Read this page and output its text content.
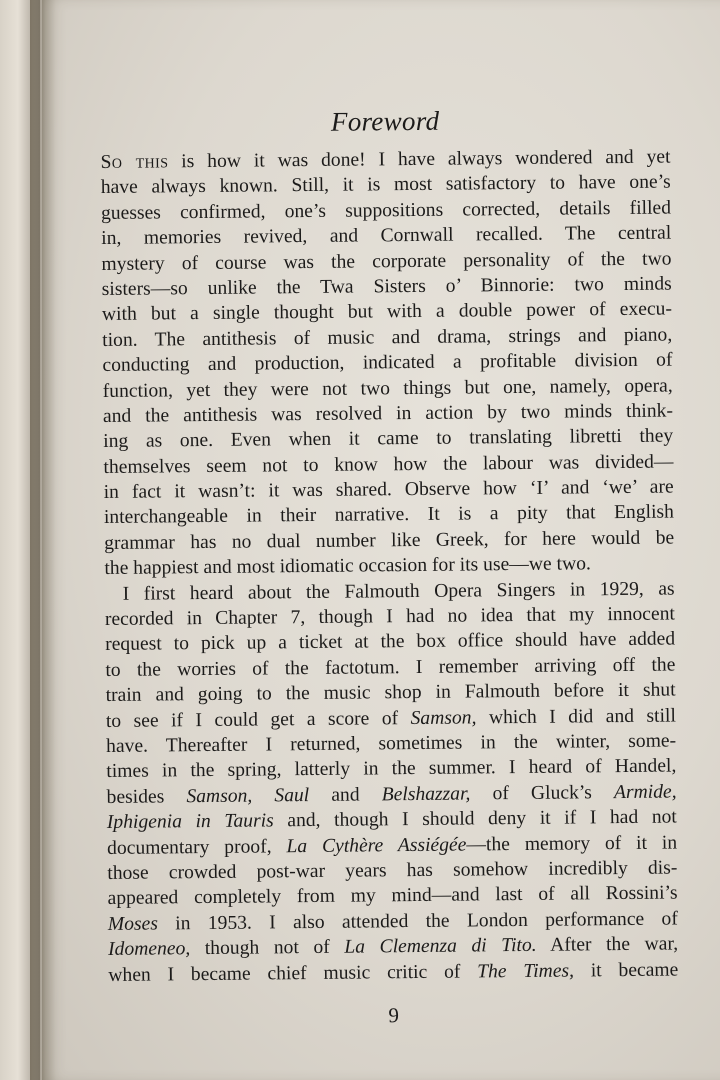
Foreword
So this is how it was done! I have always wondered and yet
have always known. Still, it is most satisfactory to have one’s
guesses confirmed, one’s suppositions corrected, details filled
in, memories revived, and Cornwall recalled. The central
mystery of course was the corporate personality of the two
sisters—so unlike the Twa Sisters o’ Binnorie: two minds
with but a single thought but with a double power of execu-
tion. The antithesis of music and drama, strings and piano,
conducting and production, indicated a profitable division of
function, yet they were not two things but one, namely, opera,
and the antithesis was resolved in action by two minds think-
ing as one. Even when it came to translating libretti they
themselves seem not to know how the labour was divided—
in fact it wasn’t: it was shared. Observe how ‘I’ and ‘we’ are
interchangeable in their narrative. It is a pity that English
grammar has no dual number like Greek, for here would be
the happiest and most idiomatic occasion for its use—we two.
I first heard about the Falmouth Opera Singers in 1929, as
recorded in Chapter 7, though I had no idea that my innocent
request to pick up a ticket at the box office should have added
to the worries of the factotum. I remember arriving off the
train and going to the music shop in Falmouth before it shut
to see if I could get a score of Samson, which I did and still
have. Thereafter I returned, sometimes in the winter, some-
times in the spring, latterly in the summer. I heard of Handel,
besides Samson, Saul and Belshazzar, of Gluck’s Armide,
Iphigenia in Tauris and, though I should deny it if I had not
documentary proof, La Cythère Assiégée—the memory of it in
those crowded post-war years has somehow incredibly dis-
appeared completely from my mind—and last of all Rossini’s
Moses in 1953. I also attended the London performance of
Idomeneo, though not of La Clemenza di Tito. After the war,
when I became chief music critic of The Times, it became
9
